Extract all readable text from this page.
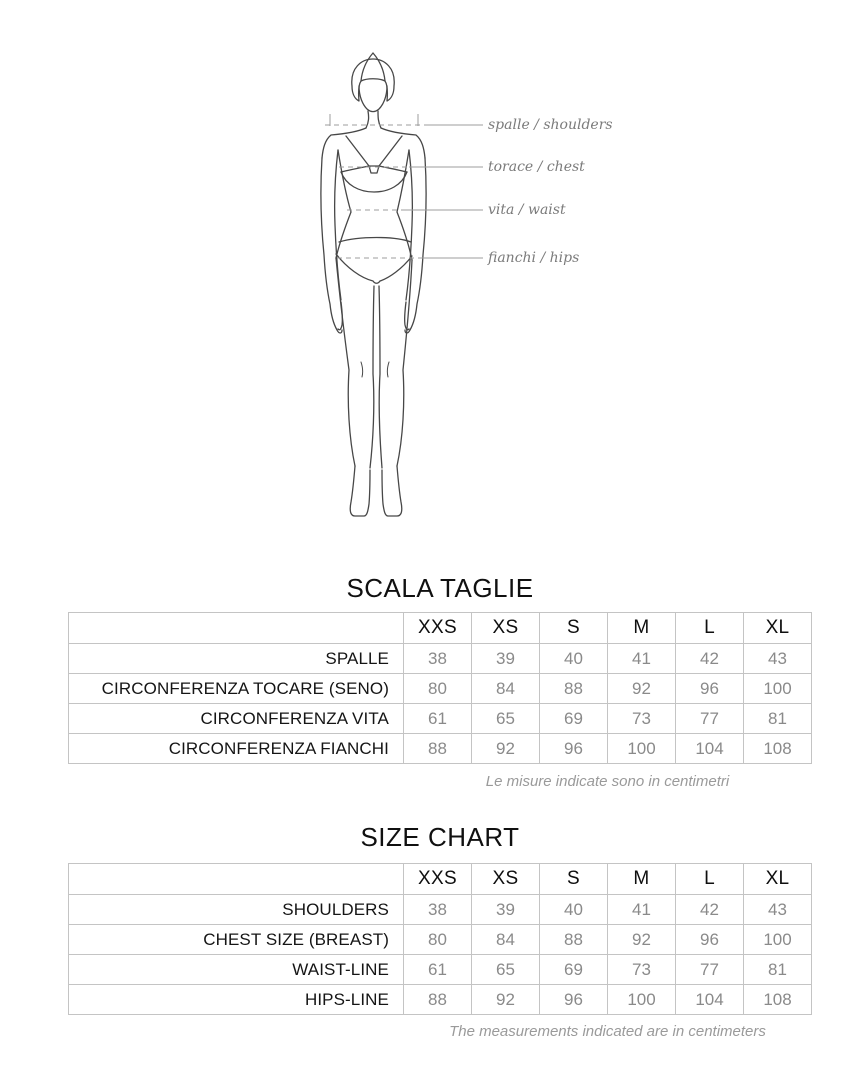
spalle / shoulders
torace / chest
vita / waist
fianchi / hips
SCALA TAGLIE
	XXS	XS	S	M	L	XL
SPALLE	38	39	40	41	42	43
CIRCONFERENZA TOCARE (SENO)	80	84	88	92	96	100
CIRCONFERENZA VITA	61	65	69	73	77	81
CIRCONFERENZA FIANCHI	88	92	96	100	104	108
Le misure indicate sono in centimetri
SIZE CHART
	XXS	XS	S	M	L	XL
SHOULDERS	38	39	40	41	42	43
CHEST SIZE (BREAST)	80	84	88	92	96	100
WAIST-LINE	61	65	69	73	77	81
HIPS-LINE	88	92	96	100	104	108
The measurements indicated are in centimeters
